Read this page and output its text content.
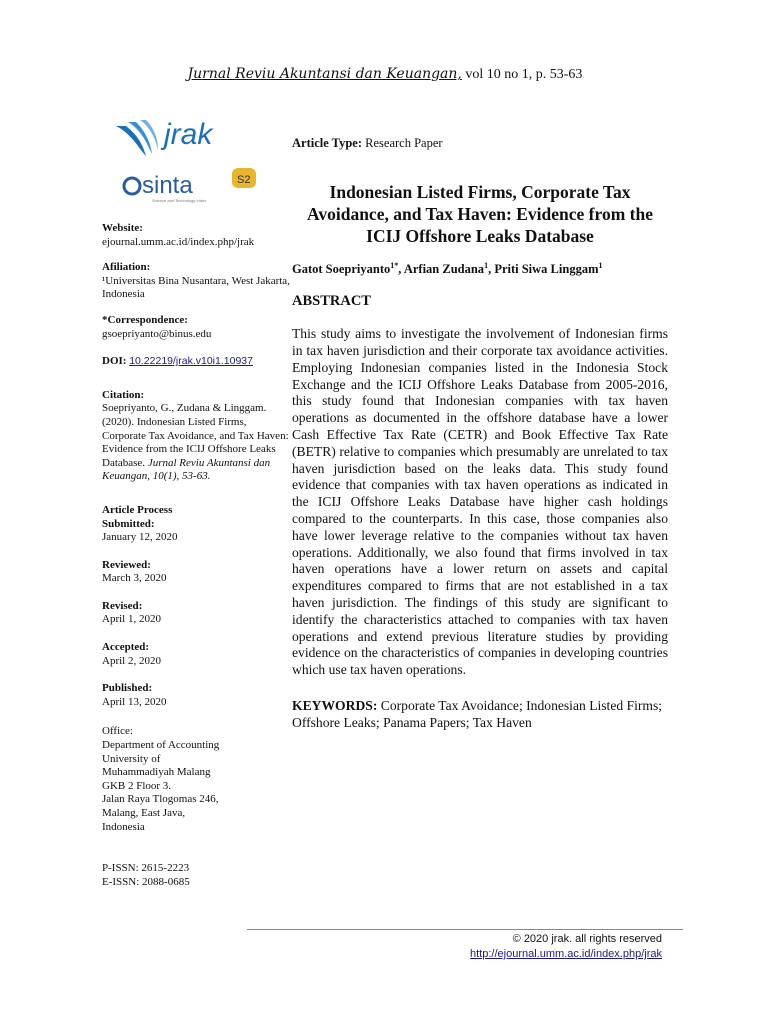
Jurnal Reviu Akuntansi dan Keuangan, vol 10 no 1, p. 53-63
jrak
sinta
Science and Technology Index
S2
Website:
ejournal.umm.ac.id/index.php/jrak
Afiliation:
¹Universitas Bina Nusantara, West Jakarta, Indonesia
*Correspondence:
gsoepriyanto@binus.edu
DOI: 10.22219/jrak.v10i1.10937
Citation:
Soepriyanto, G., Zudana & Linggam. (2020). Indonesian Listed Firms, Corporate Tax Avoidance, and Tax Haven: Evidence from the ICIJ Offshore Leaks Database. Jurnal Reviu Akuntansi dan Keuangan, 10(1), 53-63.
Article Process
Submitted:
January 12, 2020
Reviewed:
March 3, 2020
Revised:
April 1, 2020
Accepted:
April 2, 2020
Published:
April 13, 2020
Office:
Department of Accounting
University of
Muhammadiyah Malang
GKB 2 Floor 3.
Jalan Raya Tlogomas 246,
Malang, East Java,
Indonesia
P-ISSN: 2615-2223
E-ISSN: 2088-0685
Article Type: Research Paper
Indonesian Listed Firms, Corporate Tax Avoidance, and Tax Haven: Evidence from the ICIJ Offshore Leaks Database
Gatot Soepriyanto$^{1*}$, Arfian Zudana$^1$, Priti Siwa Linggam$^1$
ABSTRACT
This study aims to investigate the involvement of Indonesian firms in tax haven jurisdiction and their corporate tax avoidance activities. Employing Indonesian companies listed in the Indonesia Stock Exchange and the ICIJ Offshore Leaks Database from 2005-2016, this study found that Indonesian companies with tax haven operations as documented in the offshore database have a lower Cash Effective Tax Rate (CETR) and Book Effective Tax Rate (BETR) relative to companies which presumably are unrelated to tax haven jurisdiction based on the leaks data. This study found evidence that companies with tax haven operations as indicated in the ICIJ Offshore Leaks Database have higher cash holdings compared to the counterparts. In this case, those companies also have lower leverage relative to the companies without tax haven operations. Additionally, we also found that firms involved in tax haven operations have a lower return on assets and capital expenditures compared to firms that are not established in a tax haven jurisdiction. The findings of this study are significant to identify the characteristics attached to companies with tax haven operations and extend previous literature studies by providing evidence on the characteristics of companies in developing countries which use tax haven operations.
KEYWORDS: Corporate Tax Avoidance; Indonesian Listed Firms; Offshore Leaks; Panama Papers; Tax Haven
© 2020 jrak. all rights reserved
http://ejournal.umm.ac.id/index.php/jrak
